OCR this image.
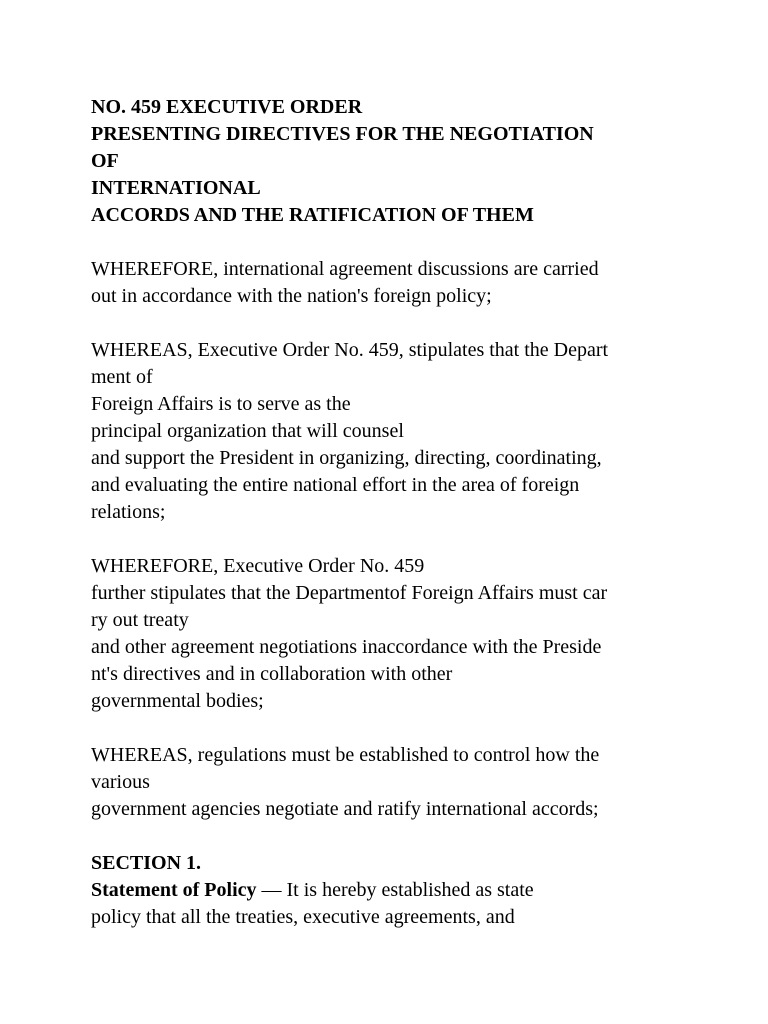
NO. 459 EXECUTIVE ORDER
PRESENTING DIRECTIVES FOR THE NEGOTIATION
OF
INTERNATIONAL
ACCORDS AND THE RATIFICATION OF THEM
WHEREFORE, international agreement discussions are carried
out in accordance with the nation's foreign policy;
WHEREAS, Executive Order No. 459, stipulates that the Depart
ment of
Foreign Affairs is to serve as the
principal organization that will counsel
and support the President in organizing, directing, coordinating,
and evaluating the entire national effort in the area of foreign
relations;
WHEREFORE, Executive Order No. 459
further stipulates that the Departmentof Foreign Affairs must car
ry out treaty
and other agreement negotiations inaccordance with the Preside
nt's directives and in collaboration with other
governmental bodies;
WHEREAS, regulations must be established to control how the
various
government agencies negotiate and ratify international accords;
SECTION 1.
Statement of Policy — It is hereby established as state
policy that all the treaties, executive agreements, and
